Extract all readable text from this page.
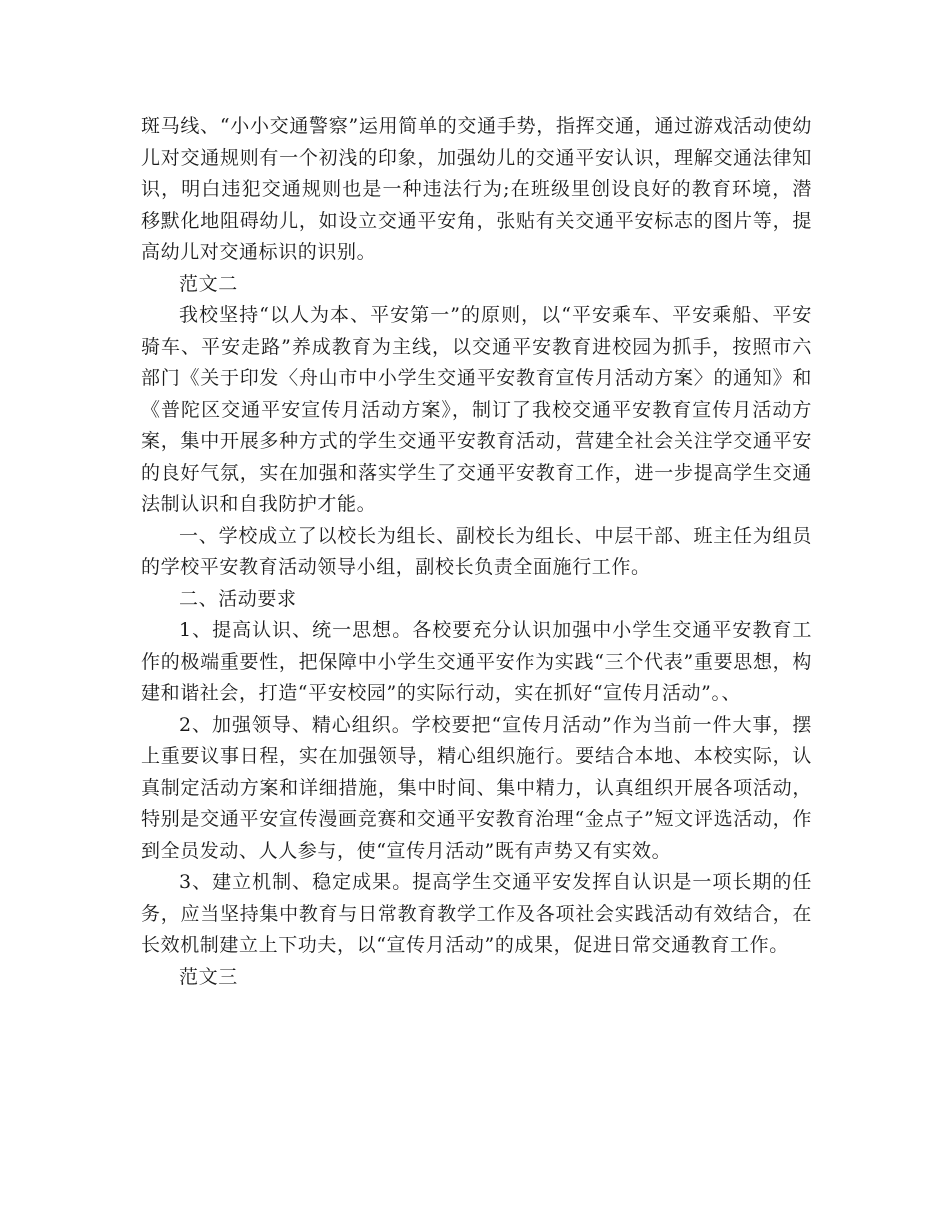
斑马线、“小小交通警察”运用简单的交通手势，指挥交通，通过游戏活动使幼儿对交通规则有一个初浅的印象，加强幼儿的交通平安认识，理解交通法律知识，明白违犯交通规则也是一种违法行为;在班级里创设良好的教育环境，潜移默化地阻碍幼儿，如设立交通平安角，张贴有关交通平安标志的图片等，提高幼儿对交通标识的识别。

范文二

我校坚持“以人为本、平安第一”的原则，以“平安乘车、平安乘船、平安骑车、平安走路”养成教育为主线，以交通平安教育进校园为抓手，按照市六部门《关于印发〈舟山市中小学生交通平安教育宣传月活动方案〉的通知》和《普陀区交通平安宣传月活动方案》，制订了我校交通平安教育宣传月活动方案，集中开展多种方式的学生交通平安教育活动，营建全社会关注学交通平安的良好气氛，实在加强和落实学生了交通平安教育工作，进一步提高学生交通法制认识和自我防护才能。

一、学校成立了以校长为组长、副校长为组长、中层干部、班主任为组员的学校平安教育活动领导小组，副校长负责全面施行工作。

二、活动要求

1、提高认识、统一思想。各校要充分认识加强中小学生交通平安教育工作的极端重要性，把保障中小学生交通平安作为实践“三个代表”重要思想，构建和谐社会，打造“平安校园”的实际行动，实在抓好“宣传月活动”。、

2、加强领导、精心组织。学校要把“宣传月活动”作为当前一件大事，摆上重要议事日程，实在加强领导，精心组织施行。要结合本地、本校实际，认真制定活动方案和详细措施，集中时间、集中精力，认真组织开展各项活动，特别是交通平安宣传漫画竞赛和交通平安教育治理“金点子”短文评选活动，作到全员发动、人人参与，使“宣传月活动”既有声势又有实效。

3、建立机制、稳定成果。提高学生交通平安发挥自认识是一项长期的任务，应当坚持集中教育与日常教育教学工作及各项社会实践活动有效结合，在长效机制建立上下功夫，以“宣传月活动”的成果，促进日常交通教育工作。

范文三
